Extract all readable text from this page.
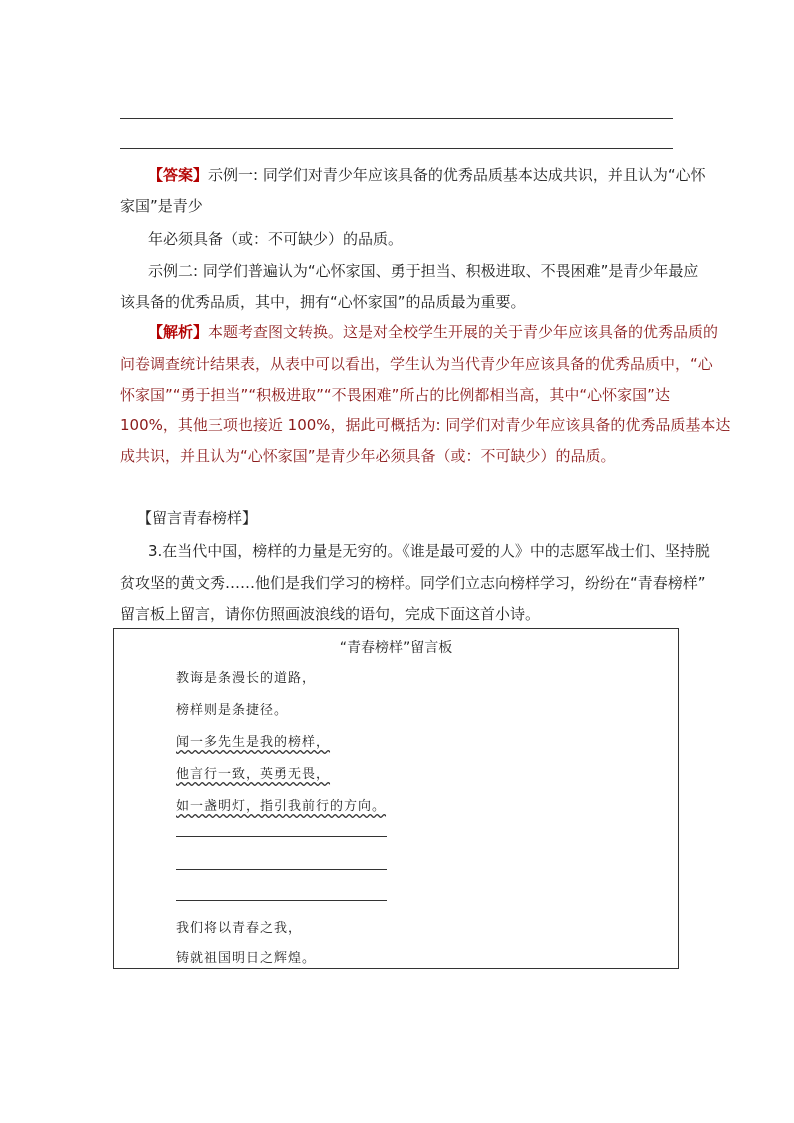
【答案】示例一: 同学们对青少年应该具备的优秀品质基本达成共识，并且认为“心怀
家国”是青少
年必须具备（或：不可缺少）的品质。
示例二: 同学们普遍认为“心怀家国、勇于担当、积极进取、不畏困难”是青少年最应
该具备的优秀品质，其中，拥有“心怀家国”的品质最为重要。
【解析】本题考查图文转换。这是对全校学生开展的关于青少年应该具备的优秀品质的
问卷调查统计结果表，从表中可以看出，学生认为当代青少年应该具备的优秀品质中，“心
怀家国”“勇于担当”“积极进取”“不畏困难”所占的比例都相当高，其中“心怀家国”达
100%，其他三项也接近 100%，据此可概括为: 同学们对青少年应该具备的优秀品质基本达
成共识，并且认为“心怀家国”是青少年必须具备（或：不可缺少）的品质。
【留言青春榜样】
3.在当代中国，榜样的力量是无穷的。《谁是最可爱的人》中的志愿军战士们、坚持脱
贫攻坚的黄文秀……他们是我们学习的榜样。同学们立志向榜样学习，纷纷在“青春榜样”
留言板上留言，请你仿照画波浪线的语句，完成下面这首小诗。
“青春榜样”留言板
教诲是条漫长的道路，
榜样则是条捷径。
闻一多先生是我的榜样，
他言行一致，英勇无畏，
如一盏明灯，指引我前行的方向。
我们将以青春之我，
铸就祖国明日之辉煌。
